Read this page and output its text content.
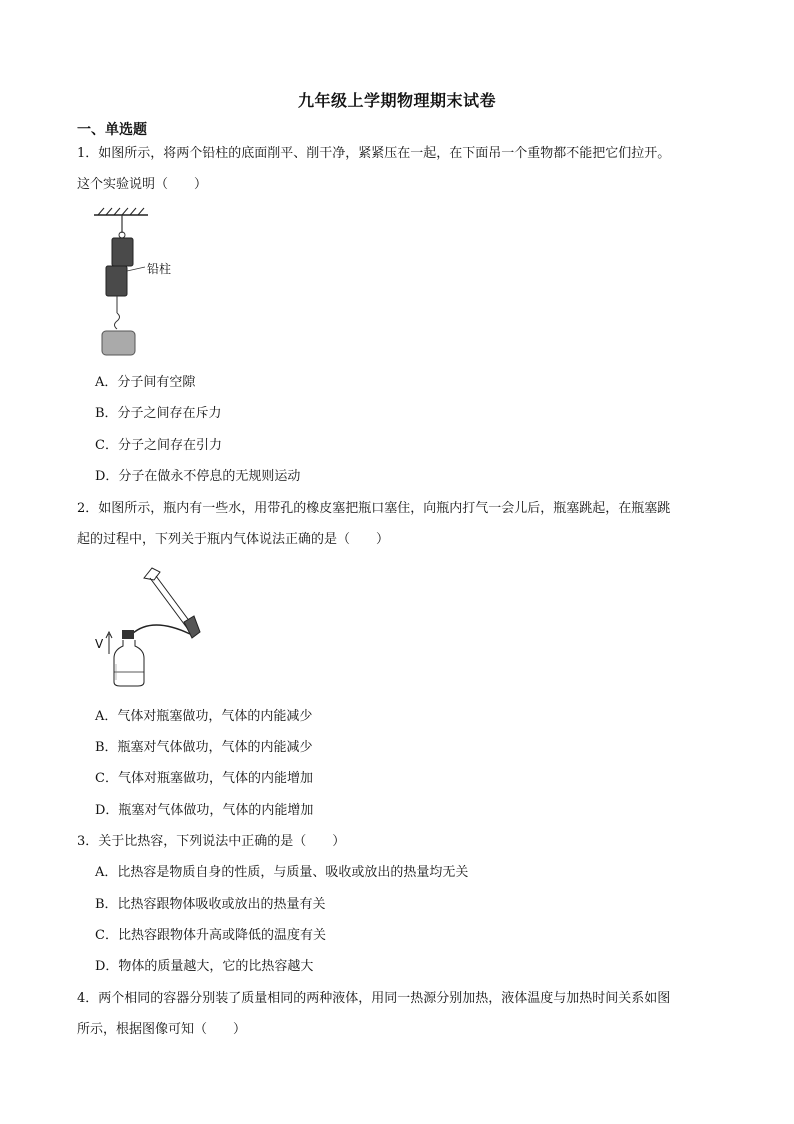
九年级上学期物理期末试卷
一、单选题
1．如图所示，将两个铅柱的底面削平、削干净，紧紧压在一起，在下面吊一个重物都不能把它们拉开。
这个实验说明（　　）
铅柱
A．分子间有空隙
B．分子之间存在斥力
C．分子之间存在引力
D．分子在做永不停息的无规则运动
2．如图所示，瓶内有一些水，用带孔的橡皮塞把瓶口塞住，向瓶内打气一会儿后，瓶塞跳起，在瓶塞跳
起的过程中，下列关于瓶内气体说法正确的是（　　）
V
A．气体对瓶塞做功，气体的内能减少
B．瓶塞对气体做功，气体的内能减少
C．气体对瓶塞做功，气体的内能增加
D．瓶塞对气体做功，气体的内能增加
3．关于比热容，下列说法中正确的是（　　）
A．比热容是物质自身的性质，与质量、吸收或放出的热量均无关
B．比热容跟物体吸收或放出的热量有关
C．比热容跟物体升高或降低的温度有关
D．物体的质量越大，它的比热容越大
4．两个相同的容器分别装了质量相同的两种液体，用同一热源分别加热，液体温度与加热时间关系如图
所示，根据图像可知（　　）
